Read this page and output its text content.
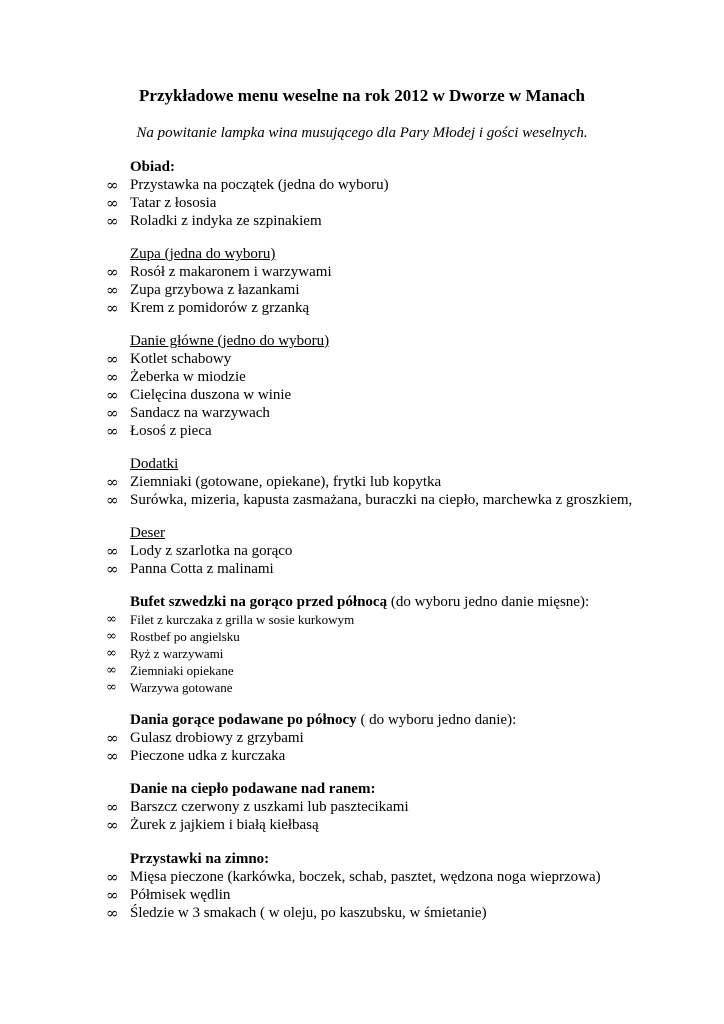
Przykładowe menu weselne na rok 2012 w Dworze w Manach
Na powitanie lampka wina musującego dla Pary Młodej i gości weselnych.
Obiad:
∞ Przystawka na początek (jedna do wyboru)
∞ Tatar z łososia
∞ Roladki z indyka ze szpinakiem
Zupa (jedna do wyboru)
∞ Rosół z makaronem i warzywami
∞ Zupa grzybowa z łazankami
∞ Krem z pomidorów z grzanką
Danie główne (jedno do wyboru)
∞ Kotlet schabowy
∞ Żeberka w miodzie
∞ Cielęcina duszona w winie
∞ Sandacz na warzywach
∞ Łosoś z pieca
Dodatki
∞ Ziemniaki (gotowane, opiekane), frytki lub kopytka
∞ Surówka, mizeria, kapusta zasmażana, buraczki na ciepło, marchewka z groszkiem,
Deser
∞ Lody z szarlotka na gorąco
∞ Panna Cotta z malinami
Bufet szwedzki na gorąco przed północą (do wyboru jedno danie mięsne):
∞ Filet z kurczaka z grilla w sosie kurkowym
∞ Rostbef po angielsku
∞ Ryż z warzywami
∞ Ziemniaki opiekane
∞ Warzywa gotowane
Dania gorące podawane po północy ( do wyboru jedno danie):
∞ Gulasz drobiowy z grzybami
∞ Pieczone udka z kurczaka
Danie na ciepło podawane nad ranem:
∞ Barszcz czerwony z uszkami lub pasztecikami
∞ Żurek z jajkiem i białą kiełbasą
Przystawki na zimno:
∞ Mięsa pieczone (karkówka, boczek, schab, pasztet, wędzona noga wieprzowa)
∞ Półmisek wędlin
∞ Śledzie w 3 smakach ( w oleju, po kaszubsku, w śmietanie)
